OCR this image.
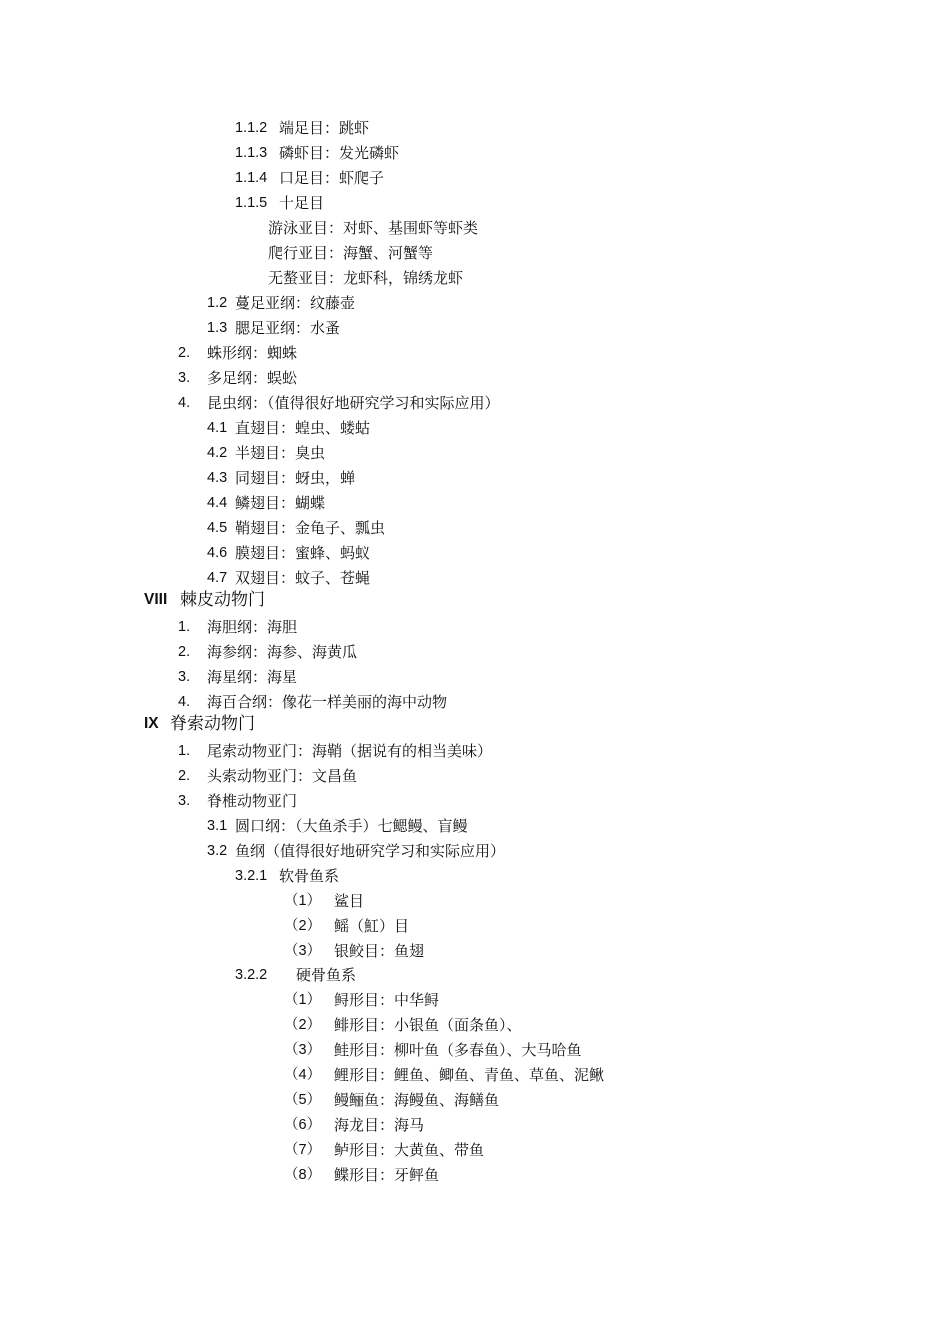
1.1.2 端足目：跳虾
1.1.3 磷虾目：发光磷虾
1.1.4 口足目：虾爬子
1.1.5 十足目
游泳亚目：对虾、基围虾等虾类
爬行亚目：海蟹、河蟹等
无螯亚目：龙虾科，锦绣龙虾
1.2 蔓足亚纲：纹藤壶
1.3 腮足亚纲：水蚤
2. 蛛形纲：蜘蛛
3. 多足纲：蜈蚣
4. 昆虫纲：（值得很好地研究学习和实际应用）
4.1 直翅目：蝗虫、蝼蛄
4.2 半翅目：臭虫
4.3 同翅目：蚜虫，蝉
4.4 鳞翅目：蝴蝶
4.5 鞘翅目：金龟子、瓢虫
4.6 膜翅目：蜜蜂、蚂蚁
4.7 双翅目：蚊子、苍蝇
VIII 棘皮动物门
1. 海胆纲：海胆
2. 海参纲：海参、海黄瓜
3. 海星纲：海星
4. 海百合纲：像花一样美丽的海中动物
IX 脊索动物门
1. 尾索动物亚门：海鞘（据说有的相当美味）
2. 头索动物亚门：文昌鱼
3. 脊椎动物亚门
3.1 圆口纲：（大鱼杀手）七鳃鳗、盲鳗
3.2 鱼纲（值得很好地研究学习和实际应用）
3.2.1 软骨鱼系
（1） 鲨目
（2） 鳐（魟）目
（3） 银鲛目：鱼翅
3.2.2 硬骨鱼系
（1） 鲟形目：中华鲟
（2） 鲱形目：小银鱼（面条鱼）、
（3） 鲑形目：柳叶鱼（多春鱼）、大马哈鱼
（4） 鲤形目：鲤鱼、鲫鱼、青鱼、草鱼、泥鳅
（5） 鳗鲡鱼：海鳗鱼、海鳝鱼
（6） 海龙目：海马
（7） 鲈形目：大黄鱼、带鱼
（8） 鲽形目：牙鲆鱼
